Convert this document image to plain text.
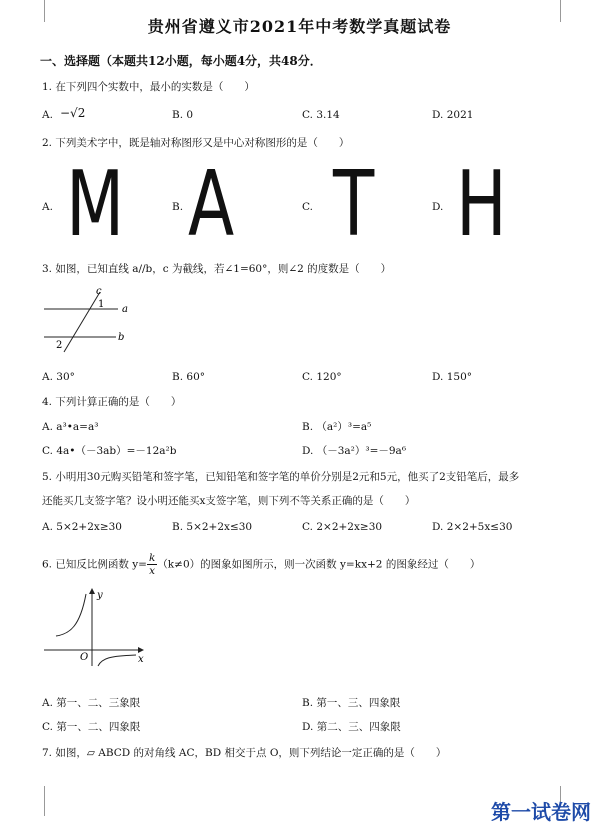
贵州省遵义市2021年中考数学真题试卷
一、选择题（本题共12小题，每小题4分，共48分．
1. 在下列四个实数中，最小的实数是（　　）
A. −√2	B. 0	C. 3.14	D. 2021
2. 下列美术字中，既是轴对称图形又是中心对称图形的是（　　）
A. M	B. A	C. T	D. H
3. 如图，已知直线 a//b，c 为截线，若∠1=60°，则∠2 的度数是（　　）
c
1 a
2
b
A. 30°	B. 60°	C. 120°	D. 150°
4. 下列计算正确的是（　　）
A. a³•a=a³	B. （a²）³=a⁵
C. 4a•（－3ab）=－12a²b	D. （－3a²）³=－9a⁶
5. 小明用30元购买铅笔和签字笔，已知铅笔和签字笔的单价分别是2元和5元，他买了2支铅笔后，最多
还能买几支签字笔？设小明还能买x支签字笔，则下列不等关系正确的是（　　）
A. 5×2+2x≥30	B. 5×2+2x≤30	C. 2×2+2x≥30	D. 2×2+5x≤30
6. 已知反比例函数 $y= \frac{k}{x} (k\ne 0)$的图象如图所示，则一次函数 y=kx+2 的图象经过（　　）
y
x
O
A. 第一、二、三象限	B. 第一、三、四象限
C. 第一、二、四象限	D. 第二、三、四象限
7. 如图，▱ ABCD 的对角线 AC，BD 相交于点 O，则下列结论一定正确的是（　　）
第一试卷网
